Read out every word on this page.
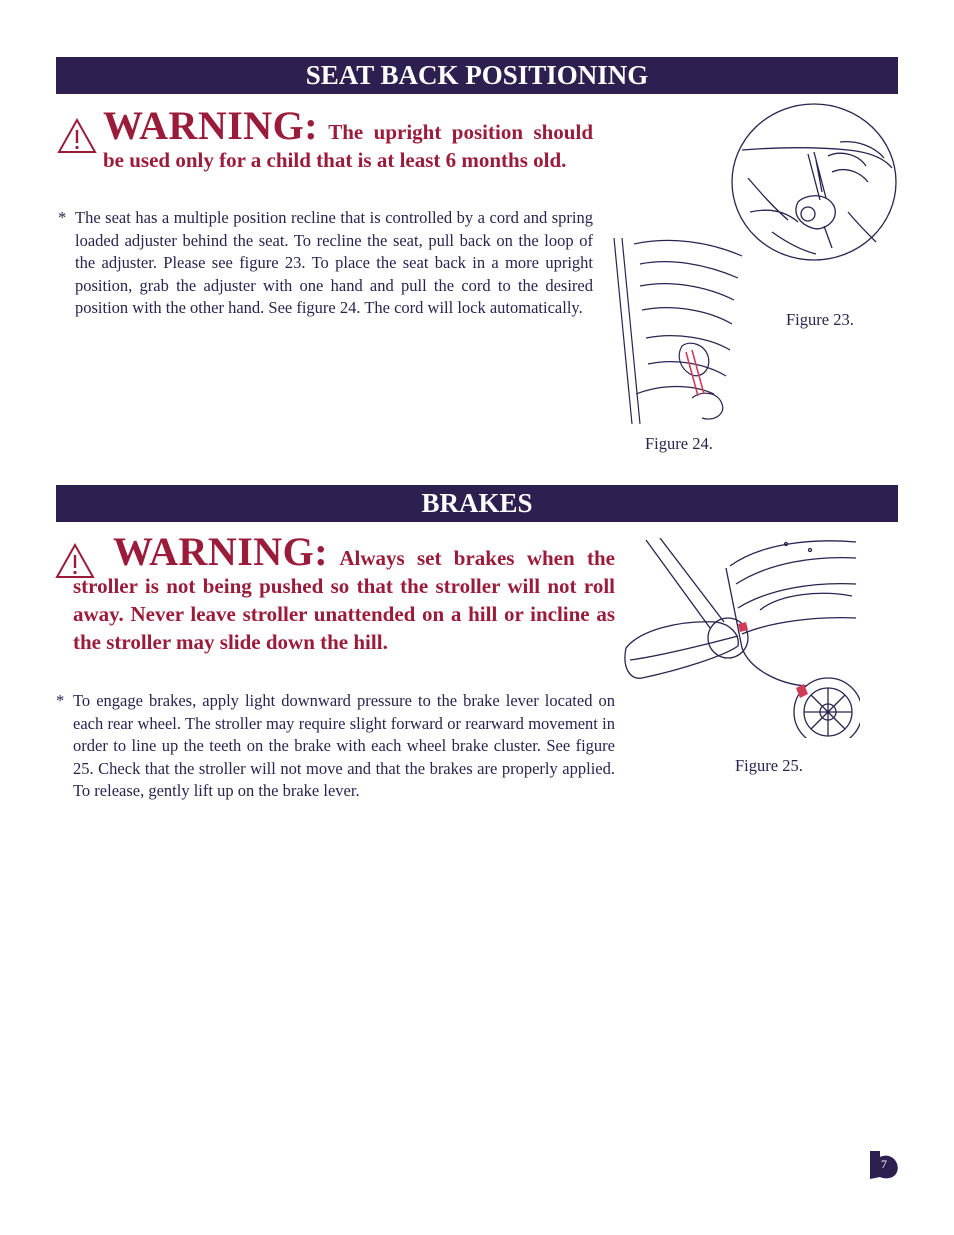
SEAT BACK POSITIONING
WARNING: The upright position should be used only for a child that is at least 6 months old.
* The seat has a multiple position recline that is controlled by a cord and spring loaded adjuster behind the seat. To recline the seat, pull back on the loop of the adjuster. Please see figure 23. To place the seat back in a more upright position, grab the adjuster with one hand and pull the cord to the desired position with the other hand. See figure 24. The cord will lock automatically.
Figure 23.
Figure 24.
BRAKES
WARNING: Always set brakes when the stroller is not being pushed so that the stroller will not roll away. Never leave stroller unattended on a hill or incline as the stroller may slide down the hill.
* To engage brakes, apply light downward pressure to the brake lever located on each rear wheel. The stroller may require slight forward or rearward movement in order to line up the teeth on the brake with each wheel brake cluster. See figure 25. Check that the stroller will not move and that the brakes are properly applied. To release, gently lift up on the brake lever.
Figure 25.
7
